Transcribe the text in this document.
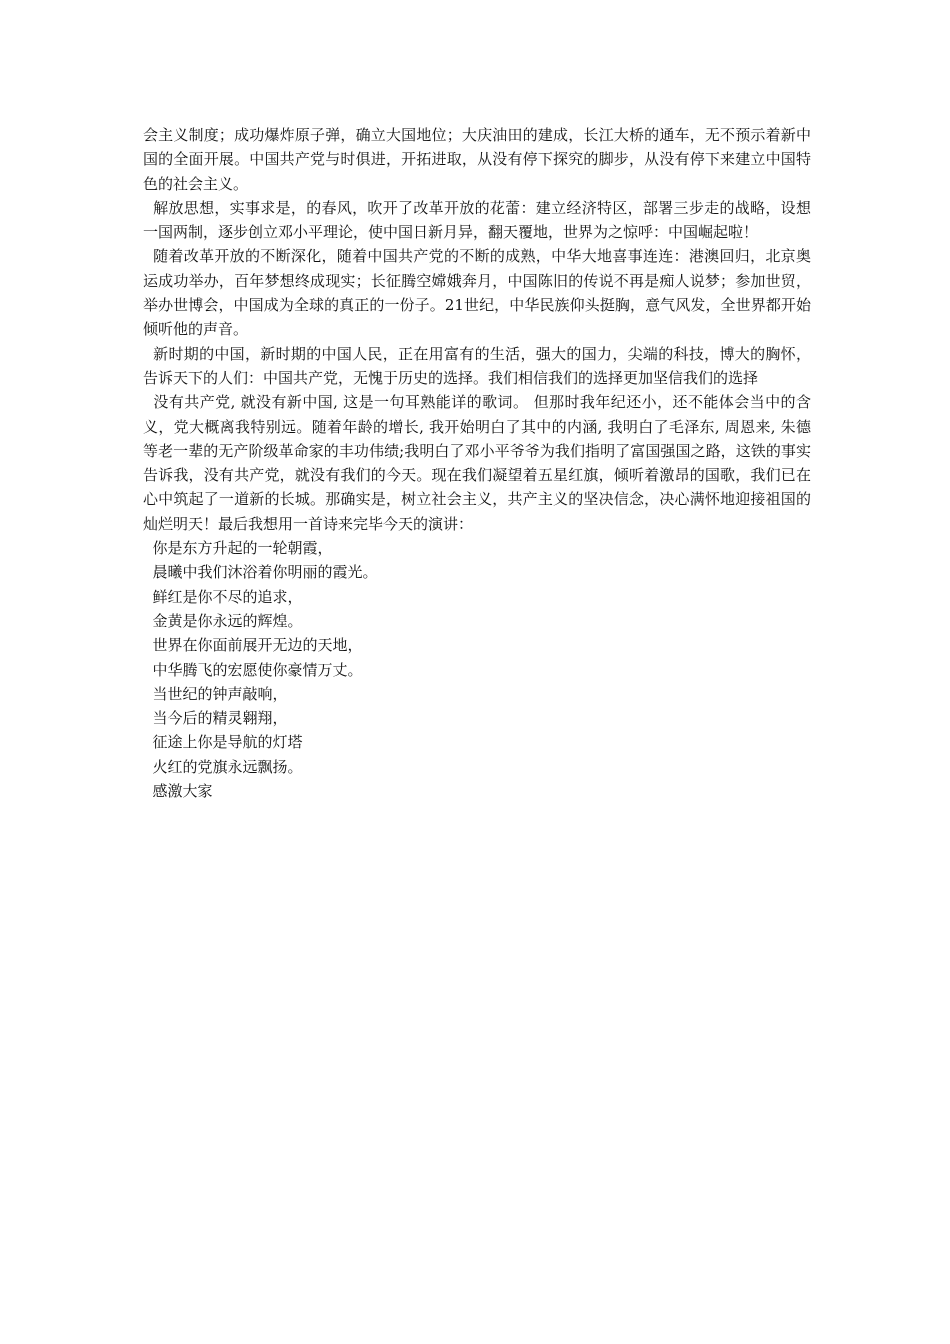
会主义制度；成功爆炸原子弹，确立大国地位；大庆油田的建成，长江大桥的通车，无不预示着新中国的全面开展。中国共产党与时俱进，开拓进取，从没有停下探究的脚步，从没有停下来建立中国特色的社会主义。

解放思想，实事求是，的春风，吹开了改革开放的花蕾：建立经济特区，部署三步走的战略，设想一国两制，逐步创立邓小平理论，使中国日新月异，翻天覆地，世界为之惊呼：中国崛起啦！

随着改革开放的不断深化，随着中国共产党的不断的成熟，中华大地喜事连连：港澳回归，北京奥运成功举办，百年梦想终成现实；长征腾空嫦娥奔月，中国陈旧的传说不再是痴人说梦；参加世贸，举办世博会，中国成为全球的真正的一份子。21世纪，中华民族仰头挺胸，意气风发，全世界都开始倾听他的声音。

新时期的中国，新时期的中国人民，正在用富有的生活，强大的国力，尖端的科技，博大的胸怀，告诉天下的人们：中国共产党，无愧于历史的选择。我们相信我们的选择更加坚信我们的选择

没有共产党, 就没有新中国, 这是一句耳熟能详的歌词。 但那时我年纪还小，还不能体会当中的含义，党大概离我特别远。随着年龄的增长, 我开始明白了其中的内涵, 我明白了毛泽东, 周恩来, 朱德等老一辈的无产阶级革命家的丰功伟绩;我明白了邓小平爷爷为我们指明了富国强国之路，这铁的事实告诉我，没有共产党，就没有我们的今天。现在我们凝望着五星红旗，倾听着激昂的国歌，我们已在心中筑起了一道新的长城。那确实是，树立社会主义，共产主义的坚决信念，决心满怀地迎接祖国的灿烂明天！最后我想用一首诗来完毕今天的演讲：

你是东方升起的一轮朝霞，

晨曦中我们沐浴着你明丽的霞光。

鲜红是你不尽的追求，

金黄是你永远的辉煌。

世界在你面前展开无边的天地，

中华腾飞的宏愿使你豪情万丈。

当世纪的钟声敲响，

当今后的精灵翱翔，

征途上你是导航的灯塔

火红的党旗永远飘扬。

感激大家
